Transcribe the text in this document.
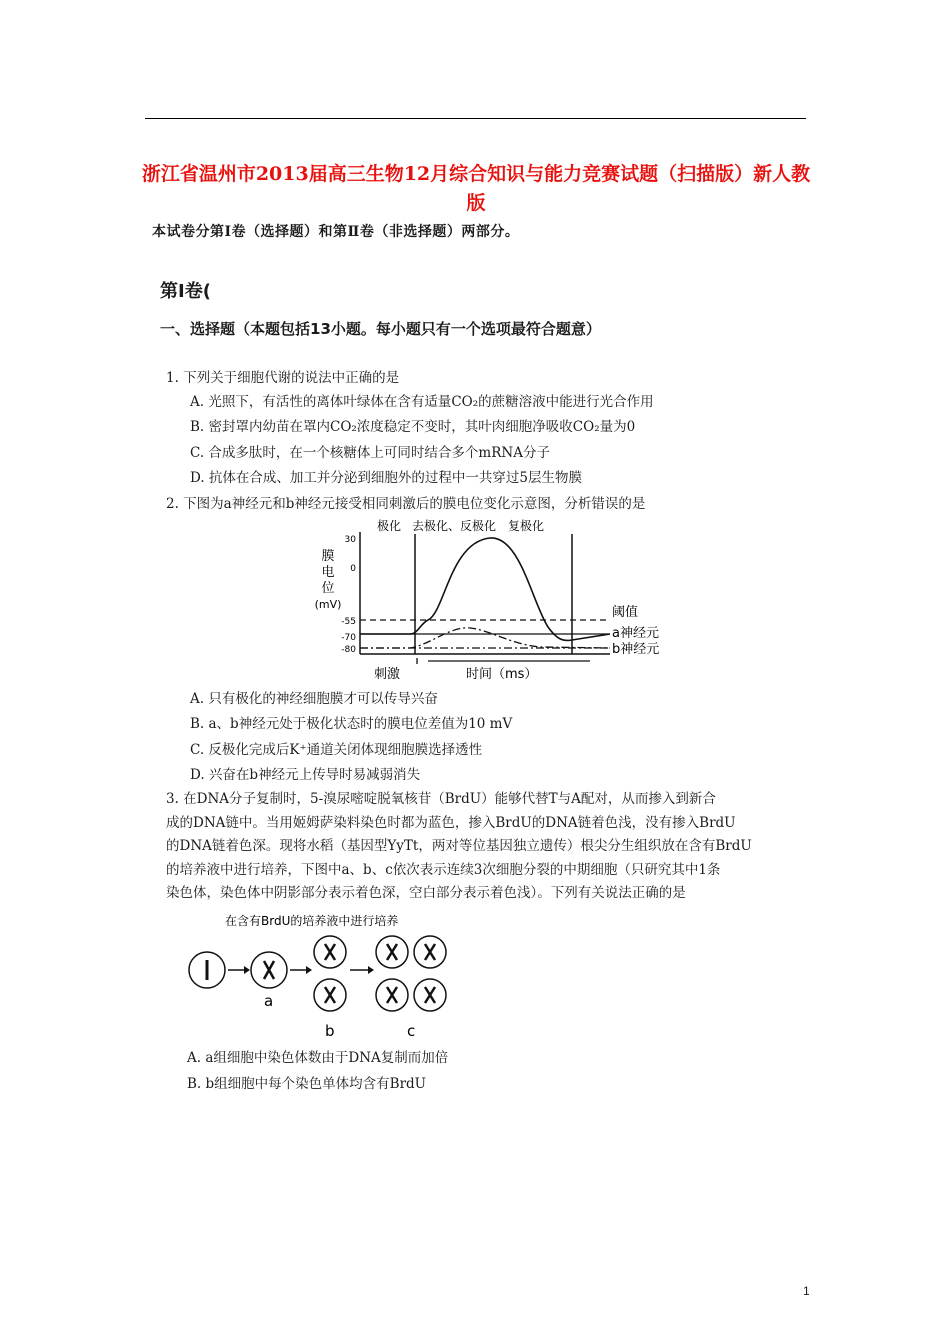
浙江省温州市2013届高三生物12月综合知识与能力竞赛试题（扫描版）新人教版
本试卷分第Ⅰ卷（选择题）和第Ⅱ卷（非选择题）两部分。
第Ⅰ卷(
一、选择题（本题包括13小题。每小题只有一个选项最符合题意）
1. 下列关于细胞代谢的说法中正确的是
A. 光照下，有活性的离体叶绿体在含有适量CO₂的蔗糖溶液中能进行光合作用
B. 密封罩内幼苗在罩内CO₂浓度稳定不变时，其叶肉细胞净吸收CO₂量为0
C. 合成多肽时，在一个核糖体上可同时结合多个mRNA分子
D. 抗体在合成、加工并分泌到细胞外的过程中一共穿过5层生物膜
2. 下图为a神经元和b神经元接受相同刺激后的膜电位变化示意图，分析错误的是
极化 去极化、反极化 复极化
膜
电
位
(mV)
30
0
-55
-70
-80
阈值
a神经元
b神经元
刺激	时间（ms）
A. 只有极化的神经细胞膜才可以传导兴奋
B. a、b神经元处于极化状态时的膜电位差值为10 mV
C. 反极化完成后K⁺通道关闭体现细胞膜选择透性
D. 兴奋在b神经元上传导时易减弱消失
3. 在DNA分子复制时，5-溴尿嘧啶脱氧核苷（BrdU）能够代替T与A配对，从而掺入到新合
成的DNA链中。当用姬姆萨染料染色时都为蓝色，掺入BrdU的DNA链着色浅，没有掺入BrdU
的DNA链着色深。现将水稻（基因型YyTt，两对等位基因独立遗传）根尖分生组织放在含有BrdU
的培养液中进行培养，下图中a、b、c依次表示连续3次细胞分裂的中期细胞（只研究其中1条
染色体，染色体中阴影部分表示着色深，空白部分表示着色浅）。下列有关说法正确的是
在含有BrdU的培养液中进行培养
a
b	c
A. a组细胞中染色体数由于DNA复制而加倍
B. b组细胞中每个染色单体均含有BrdU
1
